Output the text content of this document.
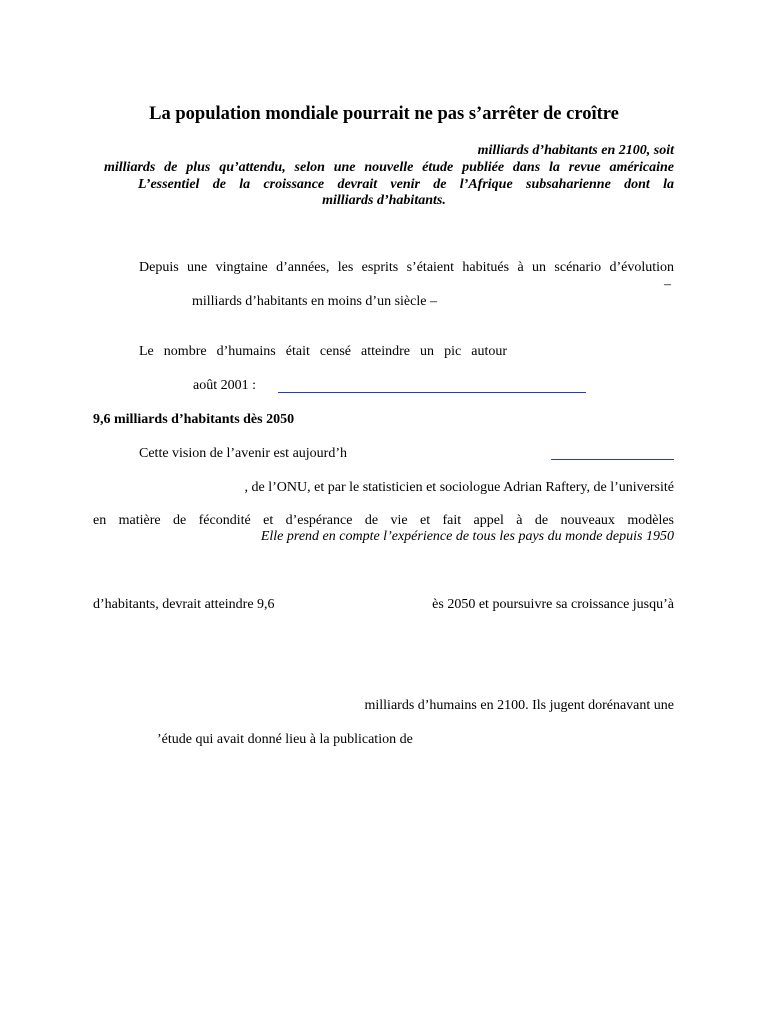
La population mondiale pourrait ne pas s’arrêter de croître
milliards d’habitants en 2100, soit
milliards de plus qu’attendu, selon une nouvelle étude publiée dans la revue américaine
L’essentiel de la croissance devrait venir de l’Afrique subsaharienne dont la
milliards d’habitants.
Depuis une vingtaine d’années, les esprits s’étaient habitués à un scénario d’évolution
–
milliards d’habitants en moins d’un siècle –
Le nombre d’humains était censé atteindre un pic autour
août 2001 :
9,6 milliards d’habitants dès 2050
Cette vision de l’avenir est aujourd’h
, de l’ONU, et par le statisticien et sociologue Adrian Raftery, de l’université
en matière de fécondité et d’espérance de vie et fait appel à de nouveaux modèles
Elle prend en compte l’expérience de tous les pays du monde depuis 1950
d’habitants, devrait atteindre 9,6	ès 2050 et poursuivre sa croissance jusqu’à
milliards d’humains en 2100. Ils jugent dorénavant une
’étude qui avait donné lieu à la publication de
